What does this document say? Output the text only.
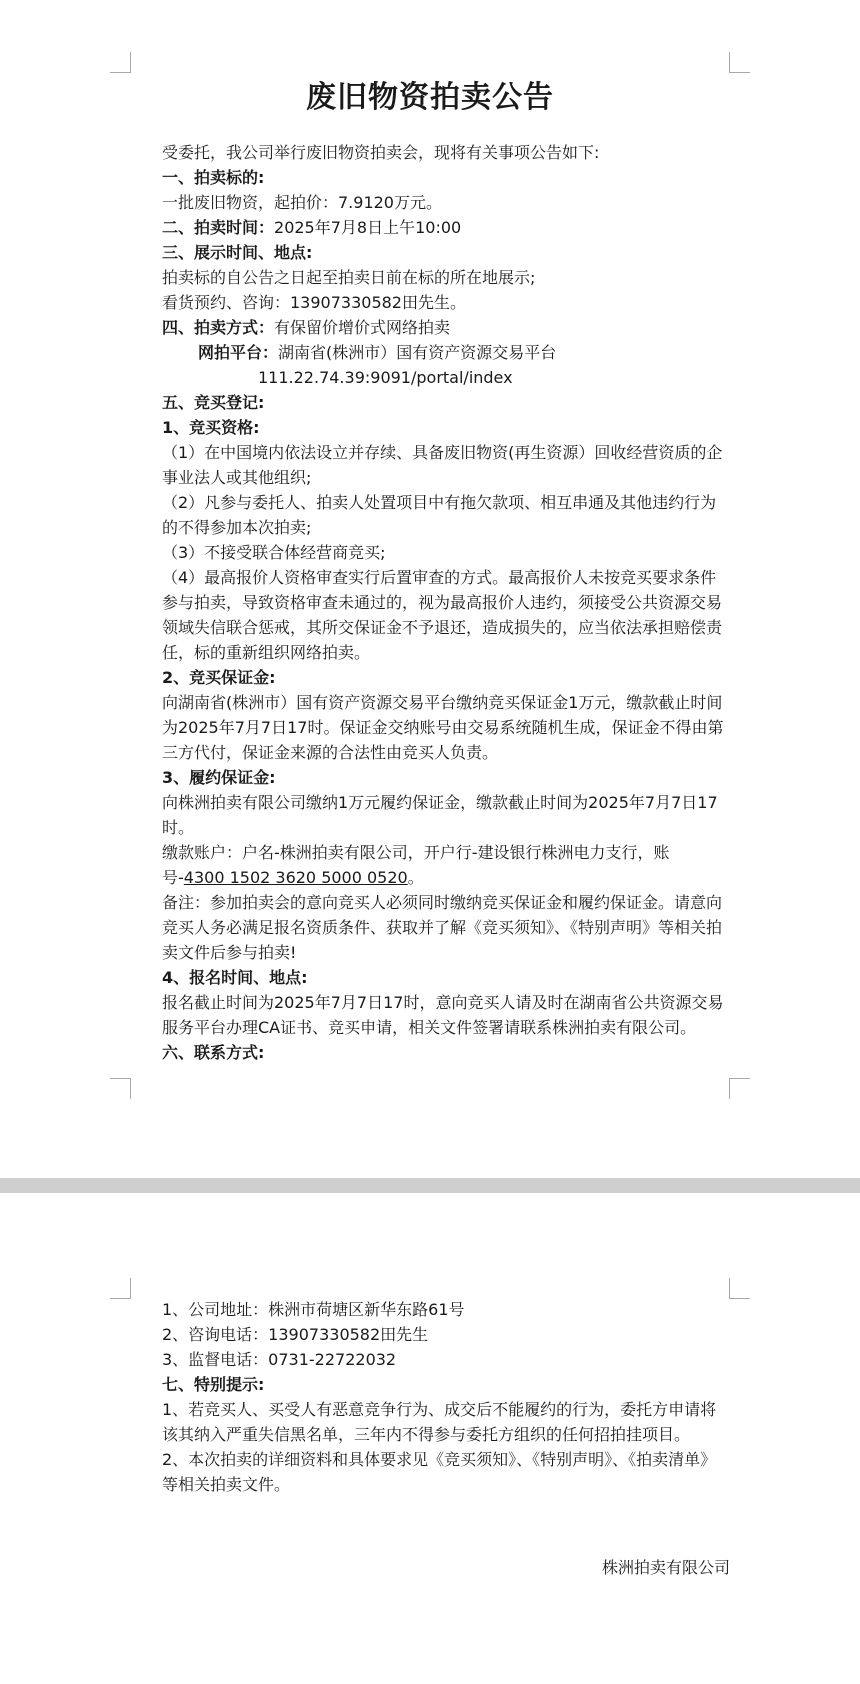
废旧物资拍卖公告

受委托，我公司举行废旧物资拍卖会，现将有关事项公告如下:

一、拍卖标的:

一批废旧物资，起拍价：7.9120万元。

二、拍卖时间：2025年7月8日上午10:00

三、展示时间、地点:

拍卖标的自公告之日起至拍卖日前在标的所在地展示;

看货预约、咨询：13907330582田先生。

四、拍卖方式：有保留价增价式网络拍卖

网拍平台：湖南省(株洲市）国有资产资源交易平台

111.22.74.39:9091/portal/index

五、竞买登记:

1、竞买资格:

（1）在中国境内依法设立并存续、具备废旧物资(再生资源）回收经营资质的企事业法人或其他组织;

（2）凡参与委托人、拍卖人处置项目中有拖欠款项、相互串通及其他违约行为的不得参加本次拍卖;

（3）不接受联合体经营商竞买;

（4）最高报价人资格审查实行后置审查的方式。最高报价人未按竞买要求条件参与拍卖，导致资格审查未通过的，视为最高报价人违约，须接受公共资源交易领域失信联合惩戒，其所交保证金不予退还，造成损失的，应当依法承担赔偿责任，标的重新组织网络拍卖。

2、竞买保证金:

向湖南省(株洲市）国有资产资源交易平台缴纳竞买保证金1万元，缴款截止时间为2025年7月7日17时。保证金交纳账号由交易系统随机生成，保证金不得由第三方代付，保证金来源的合法性由竞买人负责。

3、履约保证金:

向株洲拍卖有限公司缴纳1万元履约保证金，缴款截止时间为2025年7月7日17时。

缴款账户：户名-株洲拍卖有限公司，开户行-建设银行株洲电力支行，账号-4300 1502 3620 5000 0520。

备注：参加拍卖会的意向竞买人必须同时缴纳竞买保证金和履约保证金。请意向竞买人务必满足报名资质条件、获取并了解《竞买须知》、《特别声明》等相关拍卖文件后参与拍卖!

4、报名时间、地点:

报名截止时间为2025年7月7日17时，意向竞买人请及时在湖南省公共资源交易服务平台办理CA证书、竞买申请，相关文件签署请联系株洲拍卖有限公司。

六、联系方式:

1、公司地址：株洲市荷塘区新华东路61号

2、咨询电话：13907330582田先生

3、监督电话：0731-22722032

七、特别提示:

1、若竞买人、买受人有恶意竞争行为、成交后不能履约的行为，委托方申请将该其纳入严重失信黑名单，三年内不得参与委托方组织的任何招拍挂项目。

2、本次拍卖的详细资料和具体要求见《竞买须知》、《特别声明》、《拍卖清单》等相关拍卖文件。

株洲拍卖有限公司
